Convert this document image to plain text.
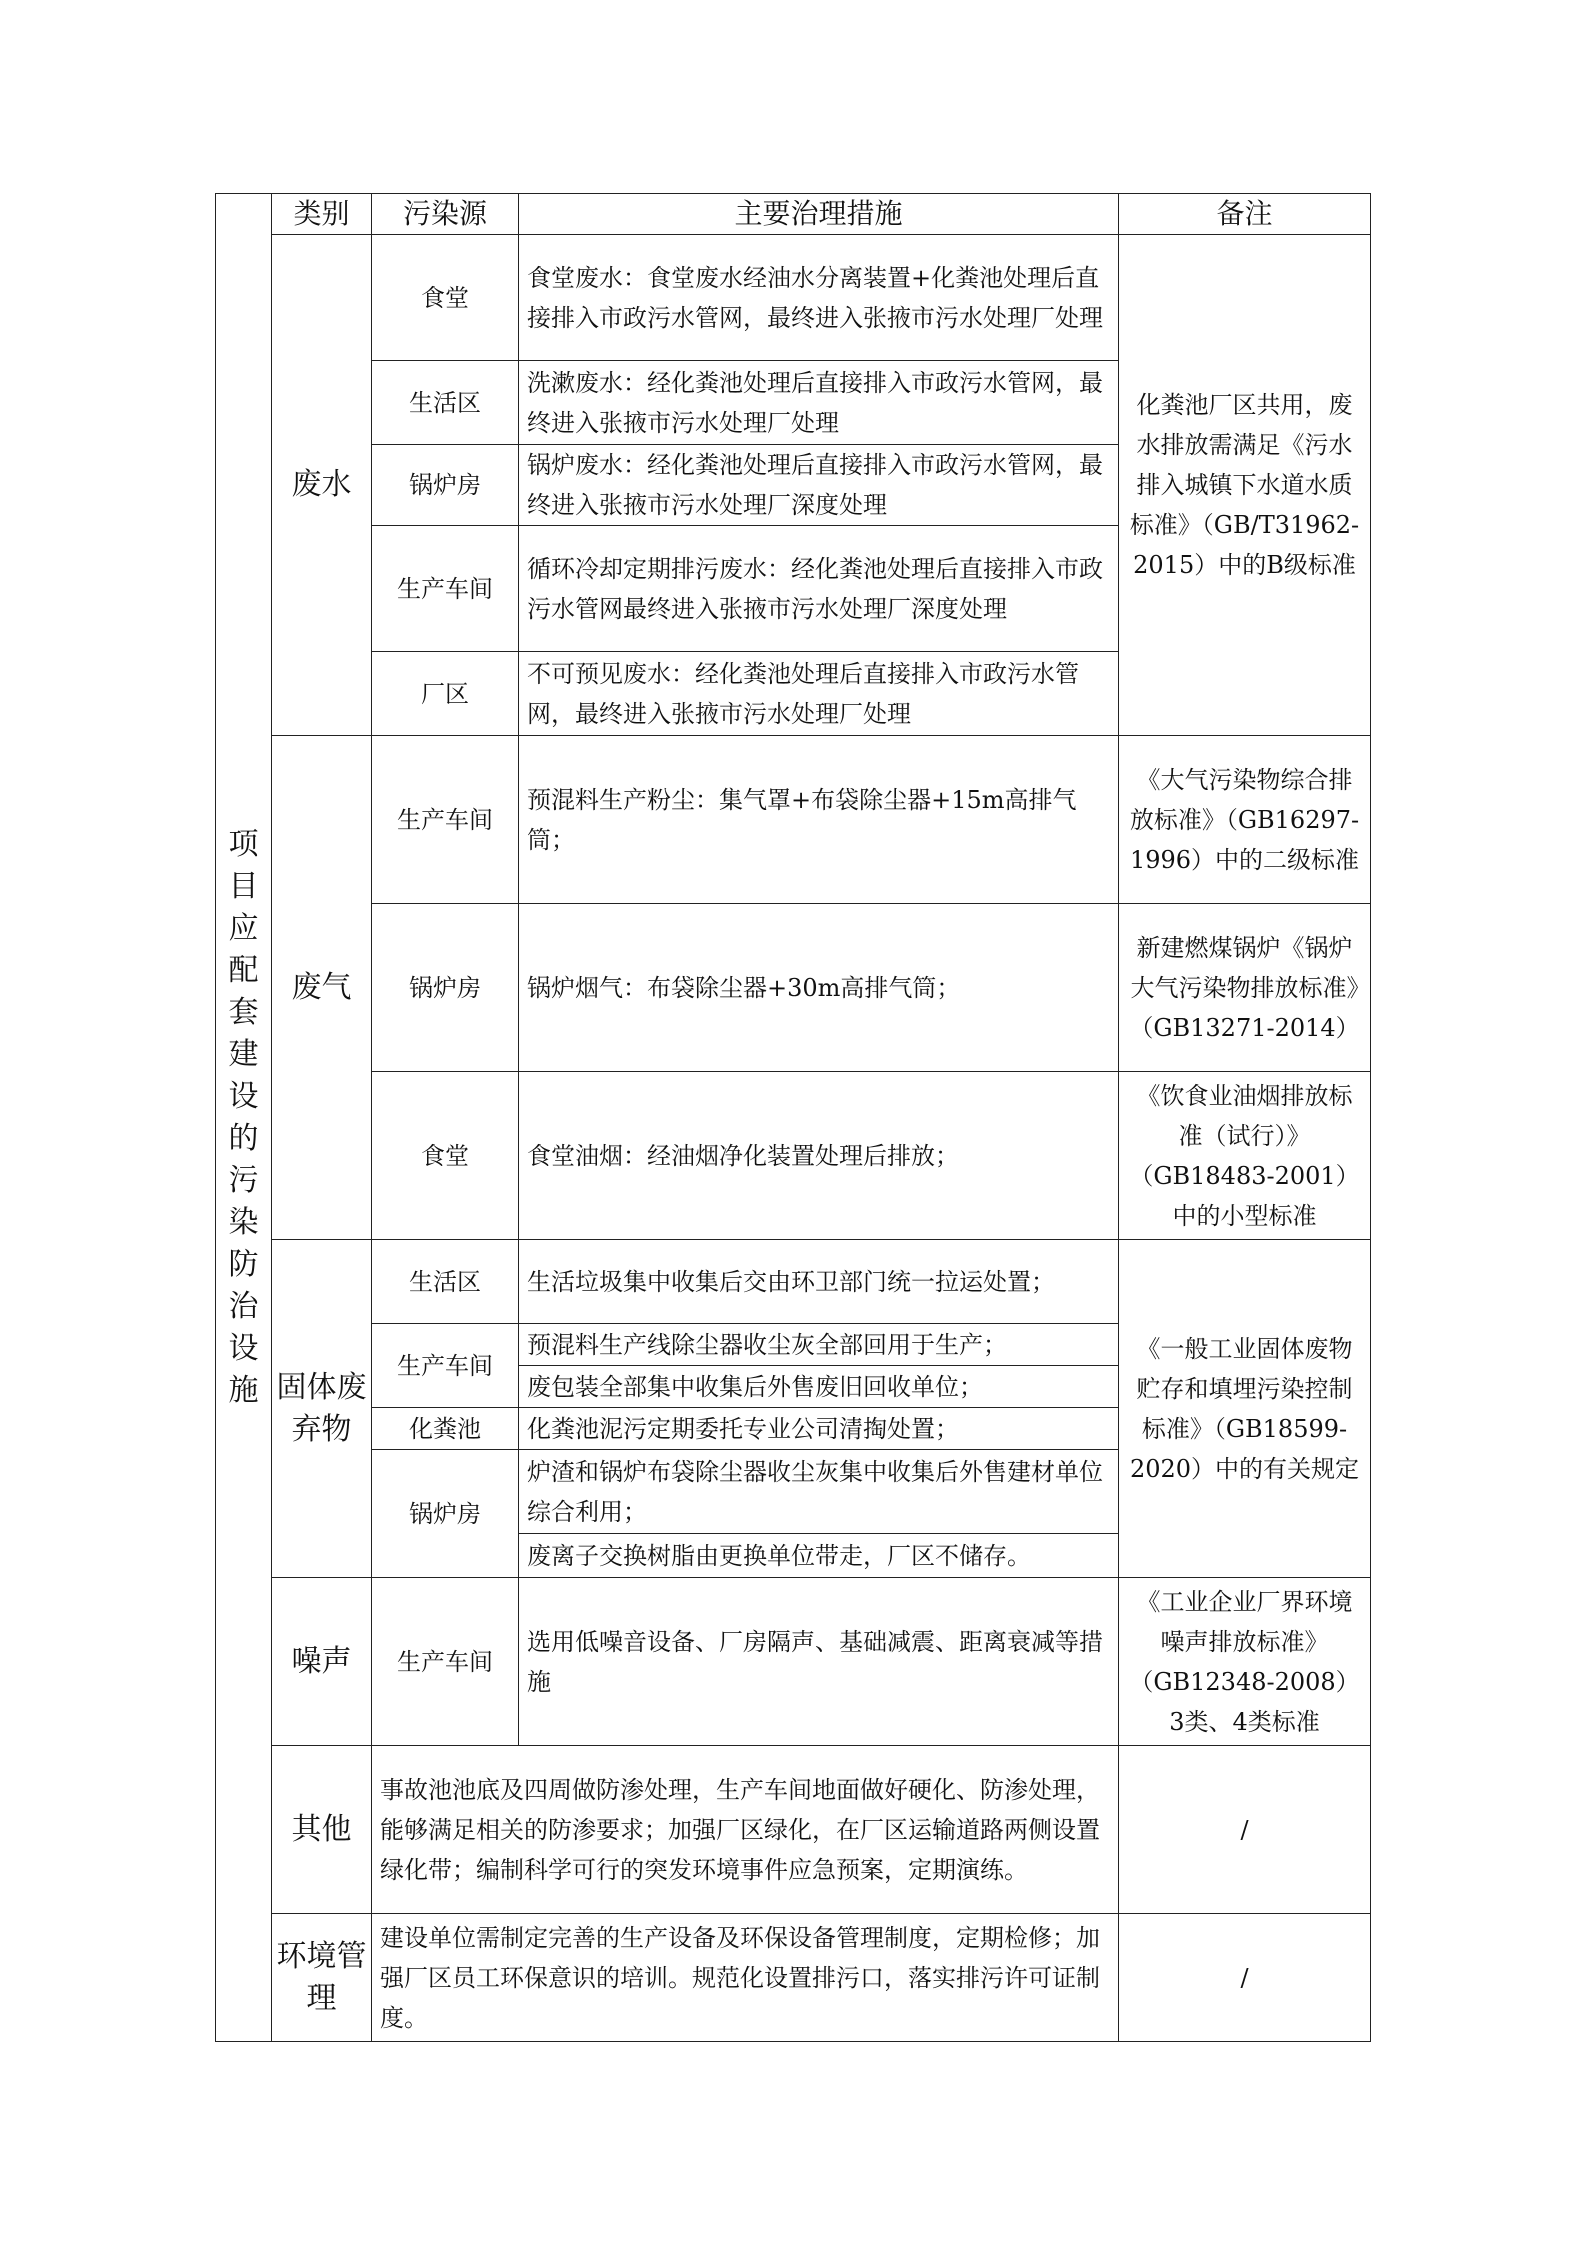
项目应配套建设的污染防治设施	类别	污染源	主要治理措施	备注
	废水	食堂	食堂废水：食堂废水经油水分离装置+化粪池处理后直接排入市政污水管网，最终进入张掖市污水处理厂处理	化粪池厂区共用，废水排放需满足《污水排入城镇下水道水质标准》（GB/T31962-2015）中的B级标准
		生活区	洗漱废水：经化粪池处理后直接排入市政污水管网，最终进入张掖市污水处理厂处理	
		锅炉房	锅炉废水：经化粪池处理后直接排入市政污水管网，最终进入张掖市污水处理厂深度处理	
		生产车间	循环冷却定期排污废水：经化粪池处理后直接排入市政污水管网最终进入张掖市污水处理厂深度处理	
		厂区	不可预见废水：经化粪池处理后直接排入市政污水管网，最终进入张掖市污水处理厂处理	
	废气	生产车间	预混料生产粉尘：集气罩+布袋除尘器+15m高排气筒；	《大气污染物综合排放标准》（GB16297-1996）中的二级标准
		锅炉房	锅炉烟气：布袋除尘器+30m高排气筒；	新建燃煤锅炉《锅炉大气污染物排放标准》（GB13271-2014）
		食堂	食堂油烟：经油烟净化装置处理后排放；	《饮食业油烟排放标准（试行）》（GB18483-2001）中的小型标准
	固体废弃物	生活区	生活垃圾集中收集后交由环卫部门统一拉运处置；	《一般工业固体废物贮存和填埋污染控制标准》（GB18599-2020）中的有关规定
		生产车间	预混料生产线除尘器收尘灰全部回用于生产；	
			废包装全部集中收集后外售废旧回收单位；	
		化粪池	化粪池泥污定期委托专业公司清掏处置；	
		锅炉房	炉渣和锅炉布袋除尘器收尘灰集中收集后外售建材单位综合利用；	
			废离子交换树脂由更换单位带走，厂区不储存。	
	噪声	生产车间	选用低噪音设备、厂房隔声、基础减震、距离衰减等措施	《工业企业厂界环境噪声排放标准》（GB12348-2008）3类、4类标准
	其他	事故池池底及四周做防渗处理，生产车间地面做好硬化、防渗处理，能够满足相关的防渗要求；加强厂区绿化，在厂区运输道路两侧设置绿化带；编制科学可行的突发环境事件应急预案，定期演练。		/
	环境管理	建设单位需制定完善的生产设备及环保设备管理制度，定期检修；加强厂区员工环保意识的培训。规范化设置排污口，落实排污许可证制度。		/
